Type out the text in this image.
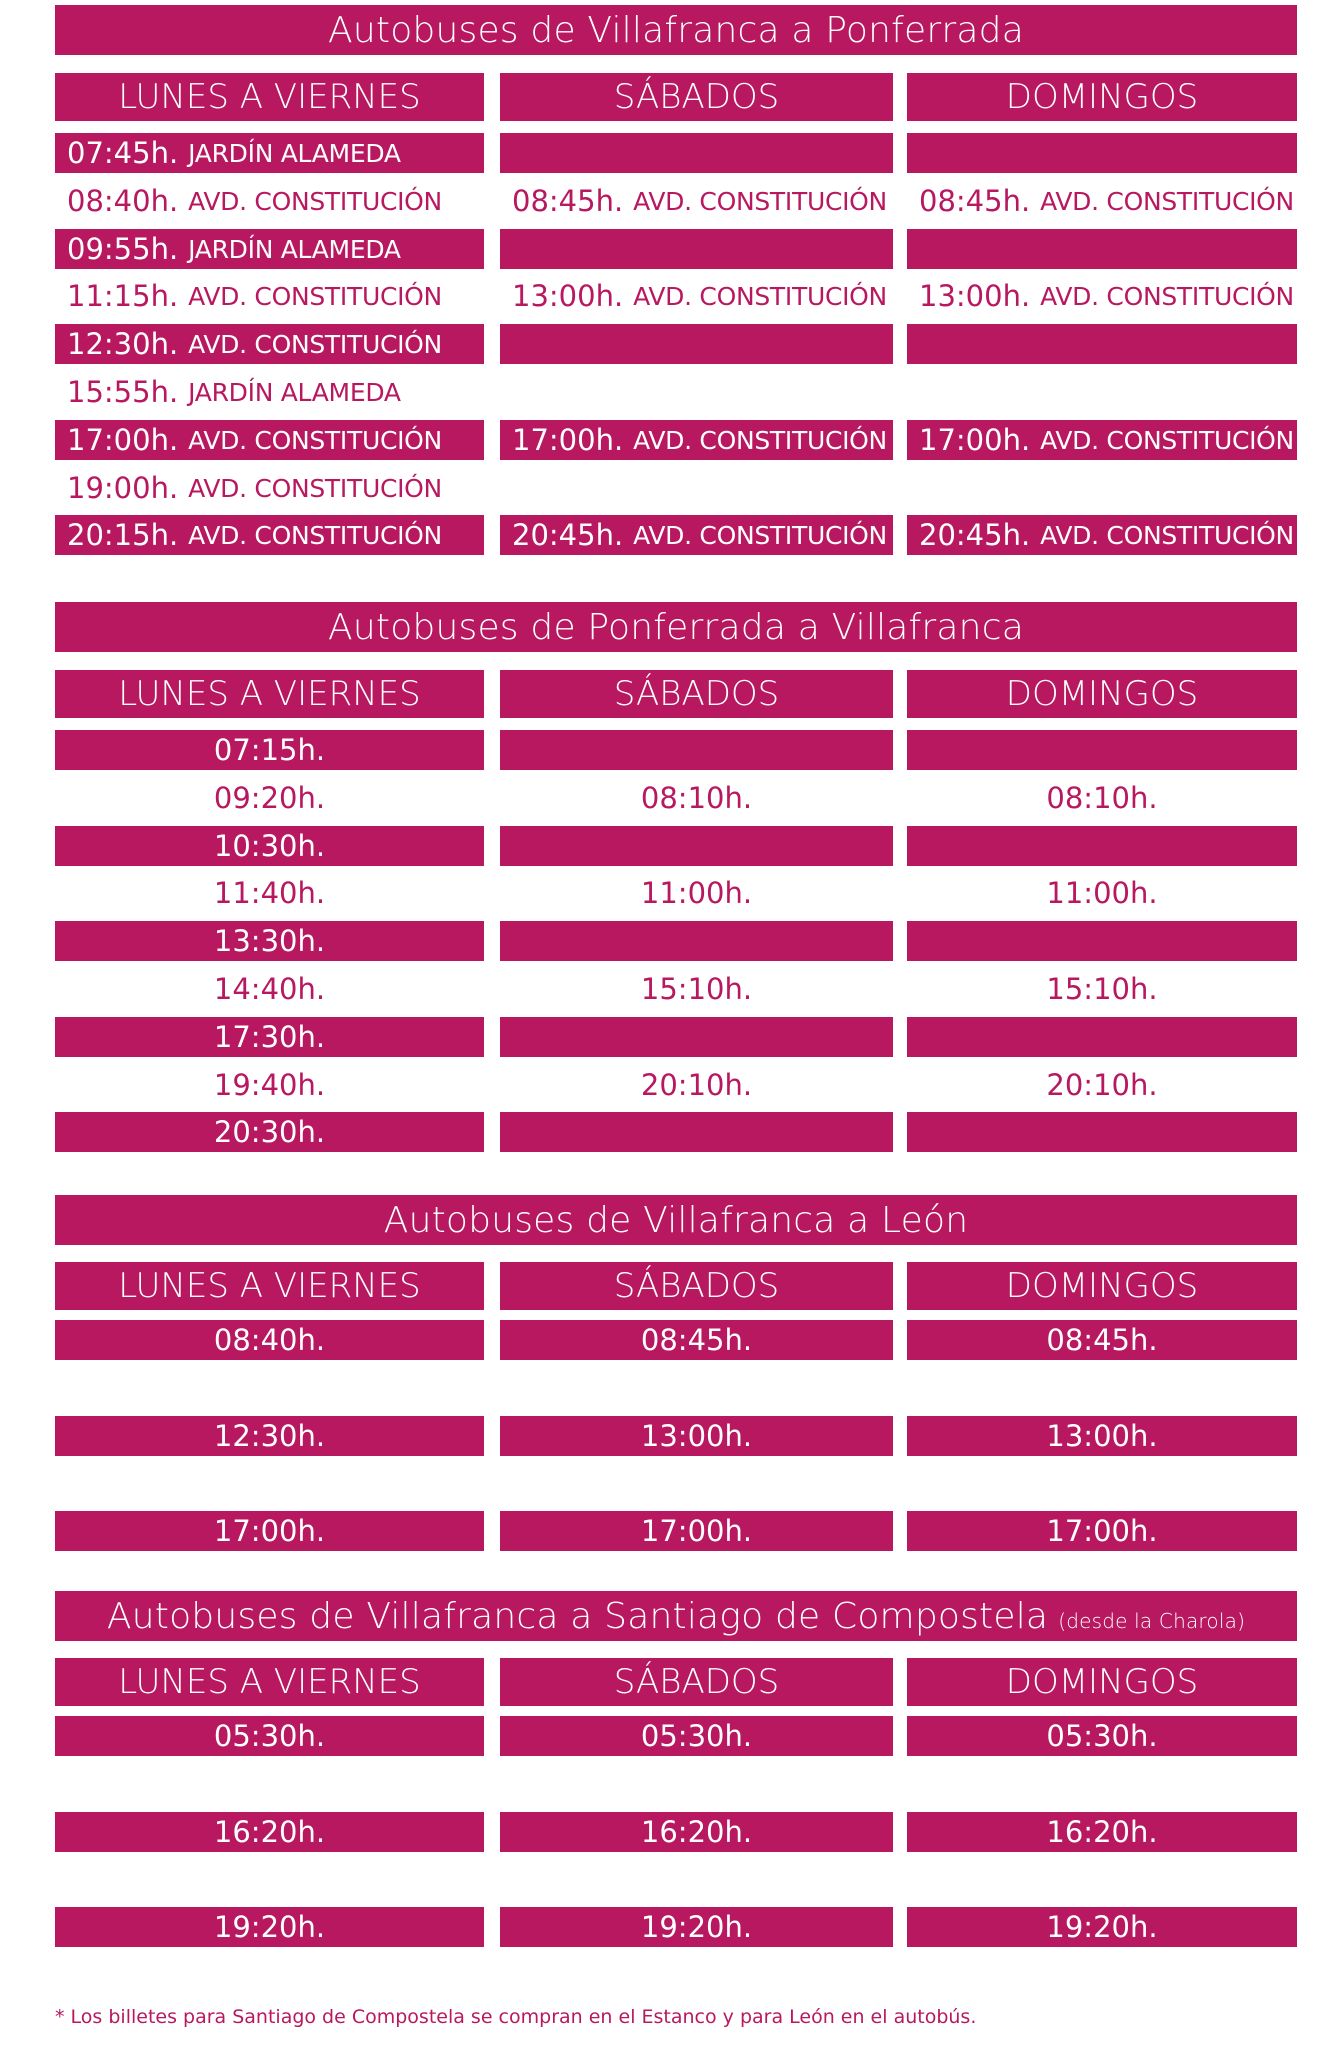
Autobuses de Villafranca a Ponferrada
LUNES A VIERNES	SÁBADOS	DOMINGOS
07:45h. JARDÍN ALAMEDA
08:40h. AVD. CONSTITUCIÓN 08:45h. AVD. CONSTITUCIÓN 08:45h. AVD. CONSTITUCIÓN
09:55h. JARDÍN ALAMEDA
11:15h. AVD. CONSTITUCIÓN 13:00h. AVD. CONSTITUCIÓN 13:00h. AVD. CONSTITUCIÓN
12:30h. AVD. CONSTITUCIÓN
15:55h. JARDÍN ALAMEDA
17:00h. AVD. CONSTITUCIÓN 17:00h. AVD. CONSTITUCIÓN 17:00h. AVD. CONSTITUCIÓN
19:00h. AVD. CONSTITUCIÓN
20:15h. AVD. CONSTITUCIÓN 20:45h. AVD. CONSTITUCIÓN 20:45h. AVD. CONSTITUCIÓN
Autobuses de Ponferrada a Villafranca
LUNES A VIERNES	SÁBADOS	DOMINGOS
07:15h.
09:20h.	08:10h.	08:10h.
10:30h.
11:40h.	11:00h.	11:00h.
13:30h.
14:40h.	15:10h.	15:10h.
17:30h.
19:40h.	20:10h.	20:10h.
20:30h.
Autobuses de Villafranca a León
LUNES A VIERNES	SÁBADOS	DOMINGOS
08:40h.	08:45h.	08:45h.
12:30h.	13:00h.	13:00h.
17:00h.	17:00h.	17:00h.
Autobuses de Villafranca a Santiago de Compostela (desde la Charola)
LUNES A VIERNES	SÁBADOS	DOMINGOS
05:30h.	05:30h.	05:30h.
16:20h.	16:20h.	16:20h.
19:20h.	19:20h.	19:20h.
* Los billetes para Santiago de Compostela se compran en el Estanco y para León en el autobús.
